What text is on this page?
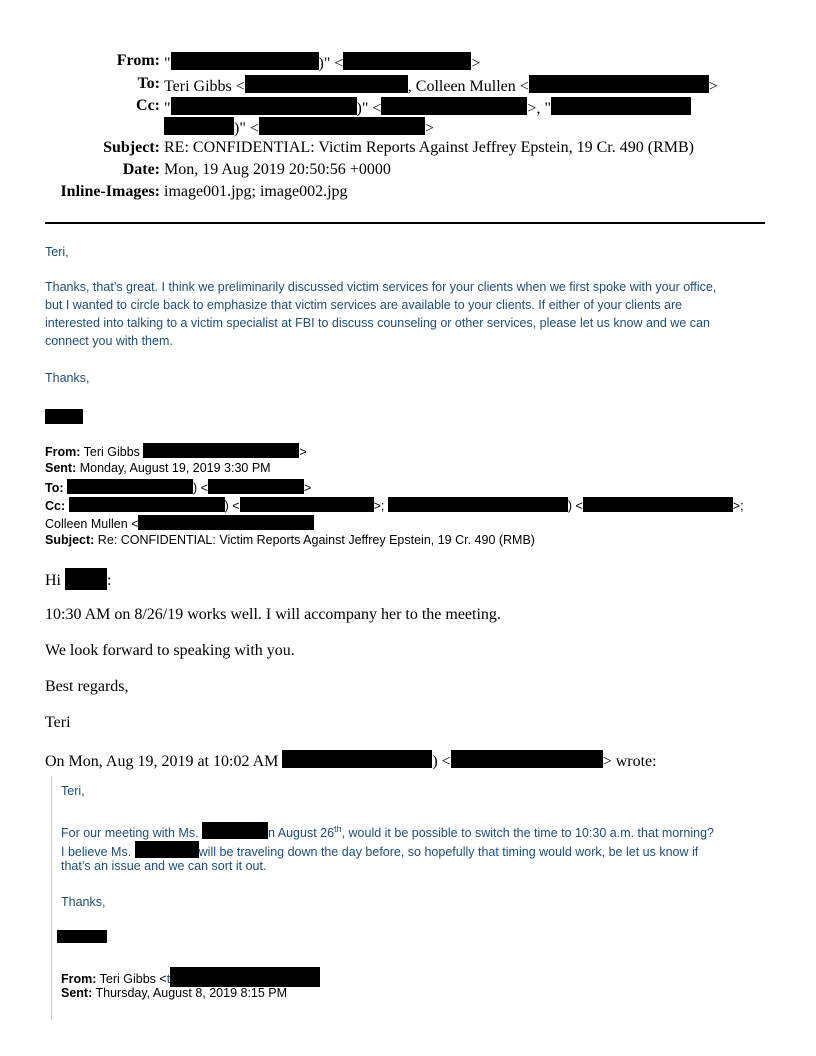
From: "	)" <	>
To: Teri Gibbs <	, Colleen Mullen <	>
Cc: "	)" <	>, "
)" <	>
Subject: RE: CONFIDENTIAL: Victim Reports Against Jeffrey Epstein, 19 Cr. 490 (RMB)
Date: Mon, 19 Aug 2019 20:50:56 +0000
Inline-Images: image001.jpg; image002.jpg
Teri,
Thanks, that’s great. I think we preliminarily discussed victim services for your clients when we first spoke with your office,
but I wanted to circle back to emphasize that victim services are available to your clients. If either of your clients are
interested into talking to a victim specialist at FBI to discuss counseling or other services, please let us know and we can
connect you with them.
Thanks,
From: Teri Gibbs	>
Sent: Monday, August 19, 2019 3:30 PM
To:	) <	>
Cc:	) <	>;	) <	>;
Colleen Mullen <
Subject: Re: CONFIDENTIAL: Victim Reports Against Jeffrey Epstein, 19 Cr. 490 (RMB)
Hi	:
10:30 AM on 8/26/19 works well. I will accompany her to the meeting.
We look forward to speaking with you.
Best regards,
Teri
On Mon, Aug 19, 2019 at 10:02 AM	) <	> wrote:
Teri,
For our meeting with Ms.	n August 26th, would it be possible to switch the time to 10:30 a.m. that morning?
I believe Ms.	will be traveling down the day before, so hopefully that timing would work, be let us know if
that’s an issue and we can sort it out.
Thanks,
From: Teri Gibbs <t
Sent: Thursday, August 8, 2019 8:15 PM
